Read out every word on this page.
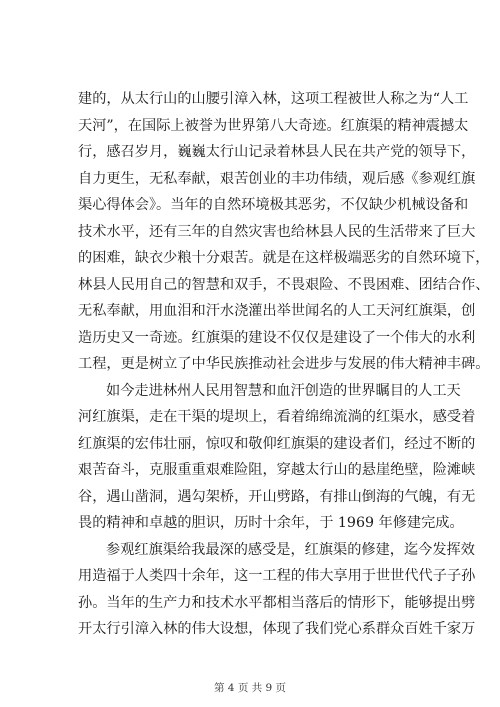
建的，从太行山的山腰引漳入林，这项工程被世人称之为“人工
天河”，在国际上被誉为世界第八大奇迹。红旗渠的精神震撼太
行，感召岁月，巍巍太行山记录着林县人民在共产党的领导下，
自力更生，无私奉献，艰苦创业的丰功伟绩，观后感《参观红旗
渠心得体会》。当年的自然环境极其恶劣，不仅缺少机械设备和
技术水平，还有三年的自然灾害也给林县人民的生活带来了巨大
的困难，缺衣少粮十分艰苦。就是在这样极端恶劣的自然环境下，
林县人民用自己的智慧和双手，不畏艰险、不畏困难、团结合作、
无私奉献，用血泪和汗水浇灌出举世闻名的人工天河红旗渠，创
造历史又一奇迹。红旗渠的建设不仅仅是建设了一个伟大的水利
工程，更是树立了中华民族推动社会进步与发展的伟大精神丰碑。
如今走进林州人民用智慧和血汗创造的世界瞩目的人工天
河红旗渠，走在干渠的堤坝上，看着绵绵流淌的红渠水，感受着
红旗渠的宏伟壮丽，惊叹和敬仰红旗渠的建设者们，经过不断的
艰苦奋斗，克服重重艰难险阻，穿越太行山的悬崖绝壁，险滩峡
谷，遇山凿洞，遇勾架桥，开山劈路，有排山倒海的气魄，有无
畏的精神和卓越的胆识，历时十余年，于 1969 年修建完成。
参观红旗渠给我最深的感受是，红旗渠的修建，迄今发挥效
用造福于人类四十余年，这一工程的伟大享用于世世代代子子孙
孙。当年的生产力和技术水平都相当落后的情形下，能够提出劈
开太行引漳入林的伟大设想，体现了我们党心系群众百姓千家万
第 4 页 共 9 页
